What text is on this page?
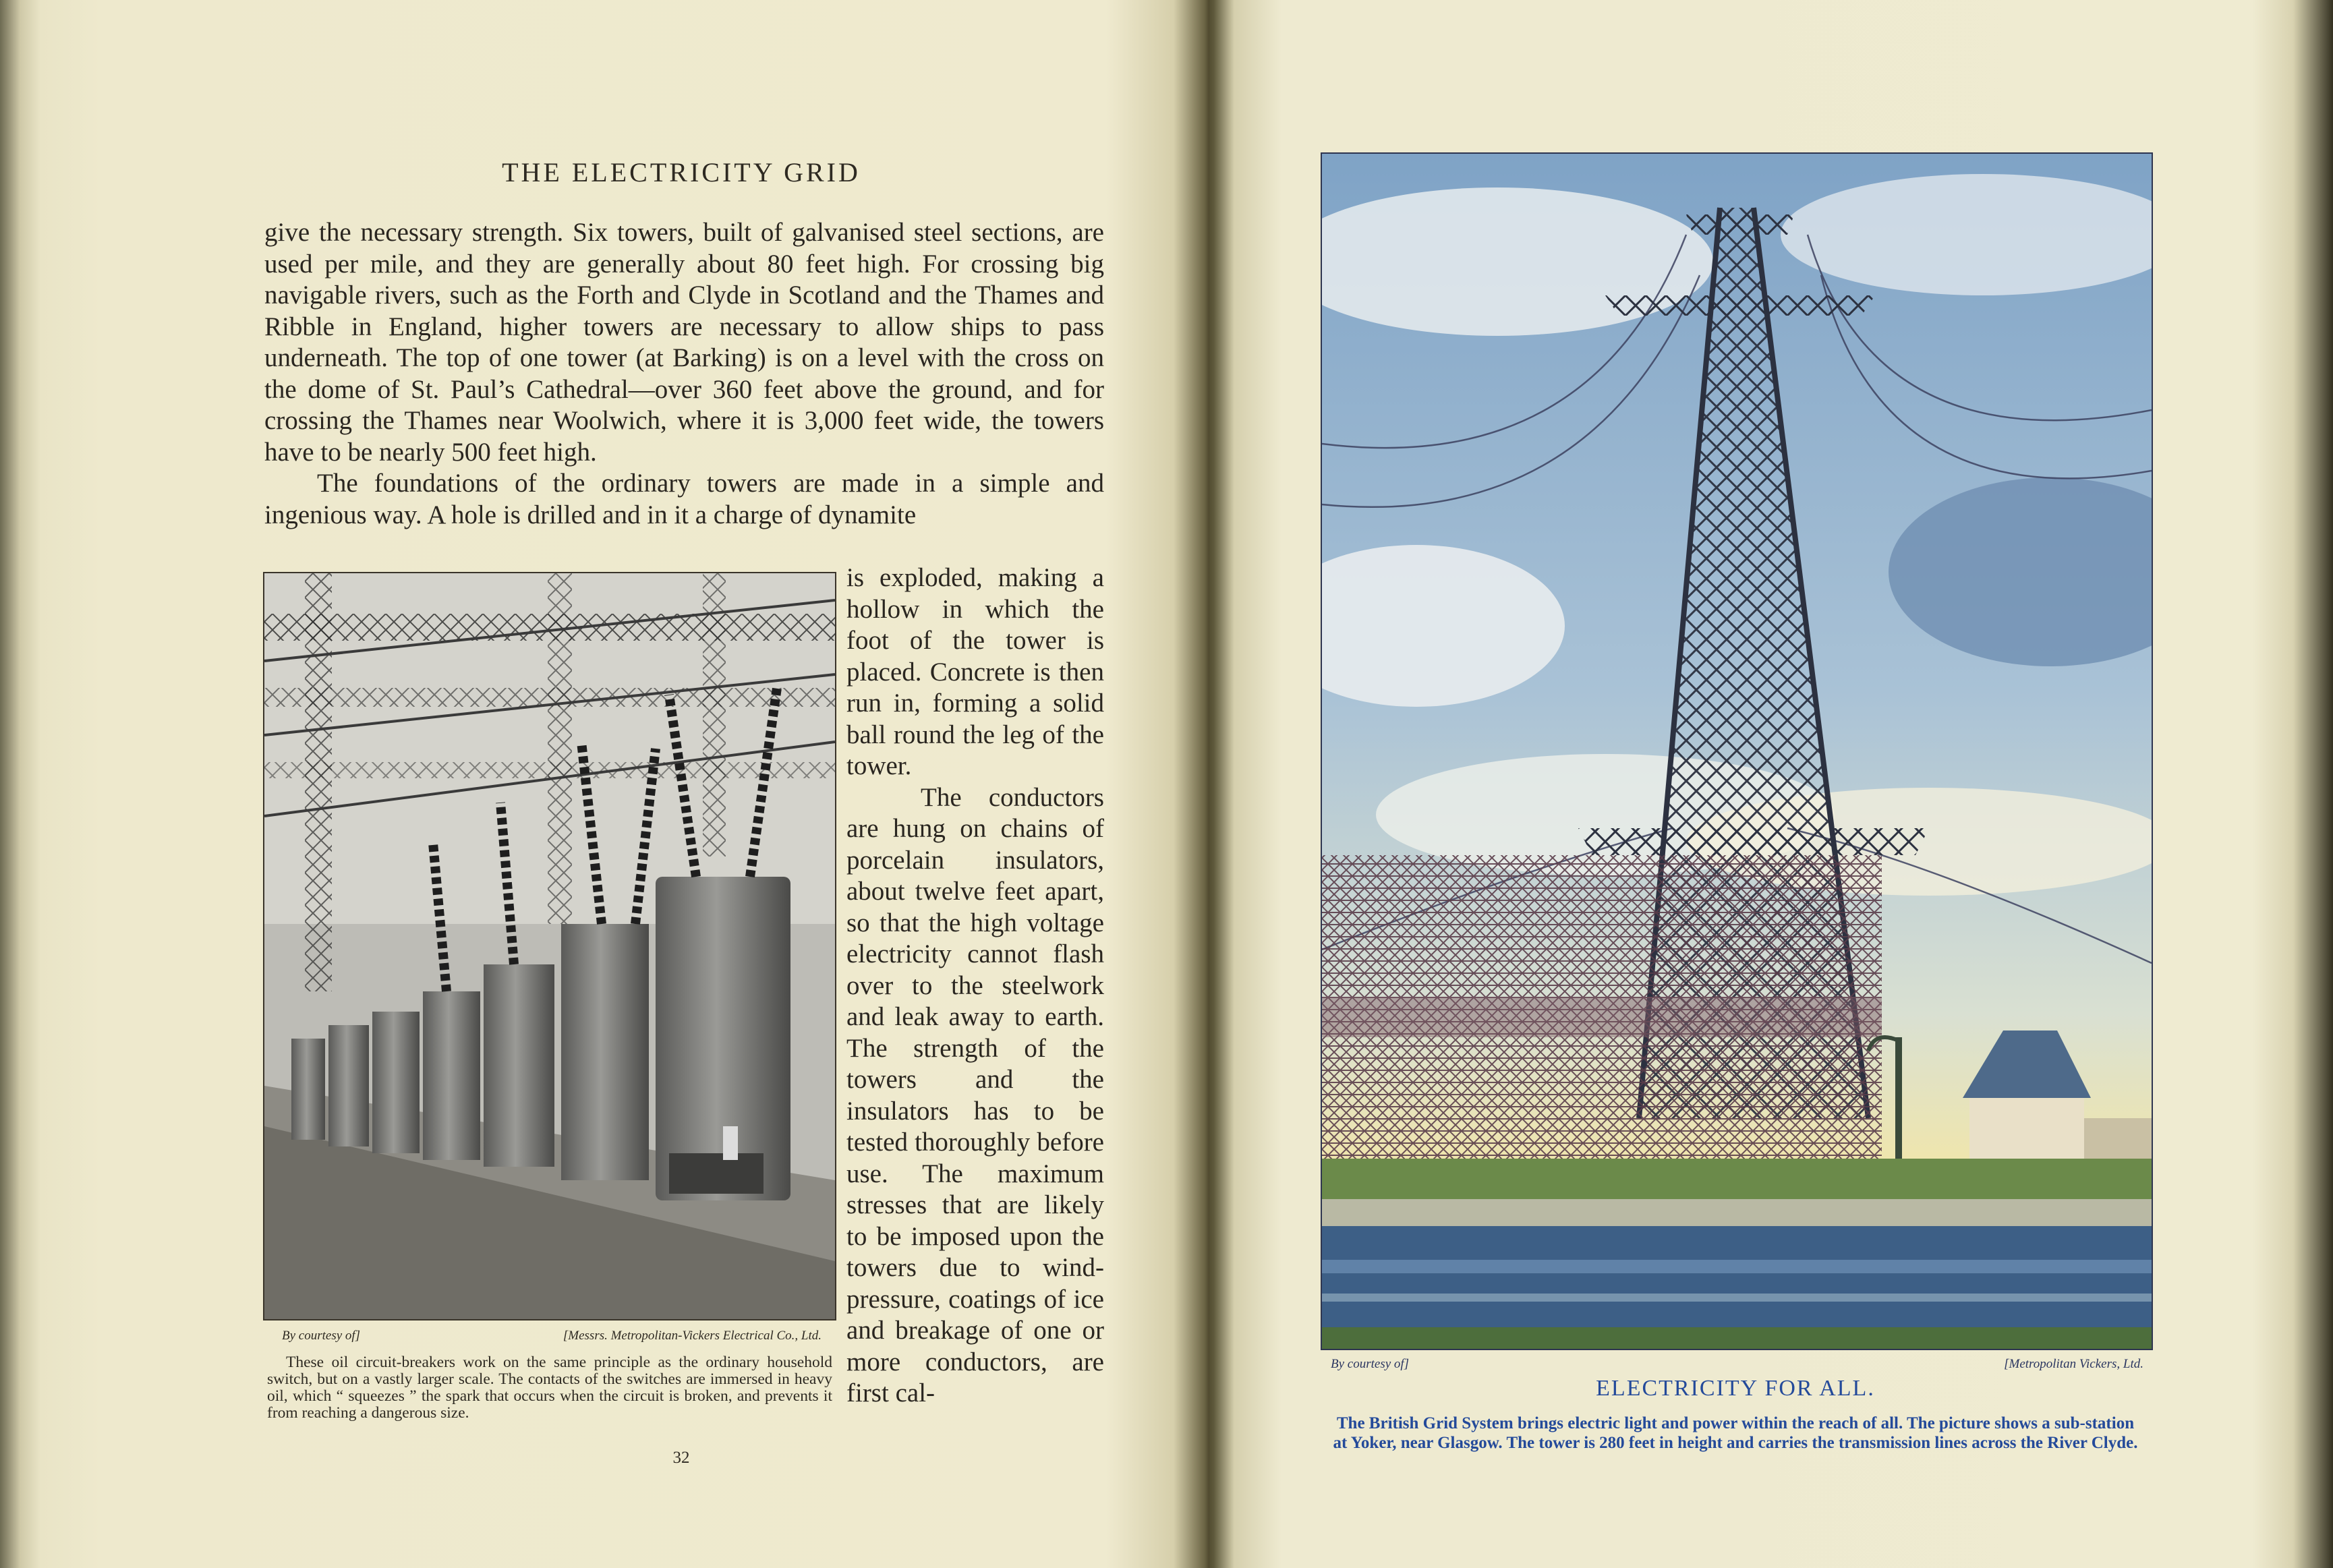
THE ELECTRICITY GRID

give the necessary strength. Six towers, built of galvanised steel sections, are used per mile, and they are generally about 80 feet high. For crossing big navigable rivers, such as the Forth and Clyde in Scotland and the Thames and Ribble in England, higher towers are necessary to allow ships to pass underneath. The top of one tower (at Barking) is on a level with the cross on the dome of St. Paul’s Cathedral—over 360 feet above the ground, and for crossing the Thames near Woolwich, where it is 3,000 feet wide, the towers have to be nearly 500 feet high.

The foundations of the ordinary towers are made in a simple and ingenious way. A hole is drilled and in it a charge of dynamite

By courtesy of]	[Messrs. Metropolitan-Vickers Electrical Co., Ltd.

These oil circuit-breakers work on the same principle as the ordinary household switch, but on a vastly larger scale. The contacts of the switches are immersed in heavy oil, which “ squeezes ” the spark that occurs when the circuit is broken, and prevents it from reaching a dangerous size.

is exploded, making a hollow in which the foot of the tower is placed. Concrete is then run in, forming a solid ball round the leg of the tower.

The conductors are hung on chains of porcelain insulators, about twelve feet apart, so that the high voltage electricity cannot flash over to the steelwork and leak away to earth. The strength of the towers and the insulators has to be tested thoroughly before use. The maximum stresses that are likely to be imposed upon the towers due to wind-pressure, coatings of ice and breakage of one or more conductors, are first cal-

32
By courtesy of]	[Metropolitan Vickers, Ltd.
ELECTRICITY FOR ALL.
The British Grid System brings electric light and power within the reach of all. The picture shows a sub-station at Yoker, near Glasgow. The tower is 280 feet in height and carries the transmission lines across the River Clyde.
